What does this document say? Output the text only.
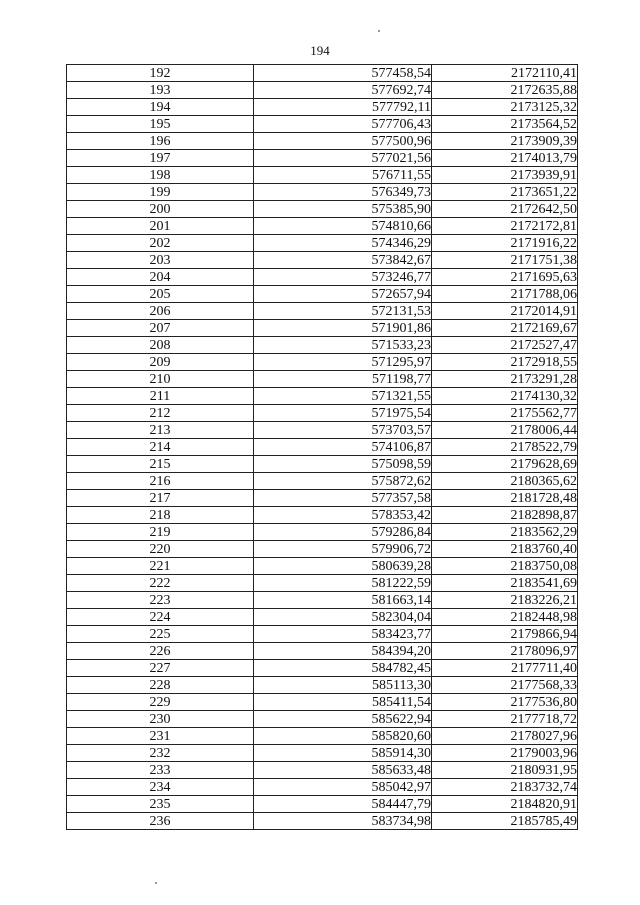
194
192	577458,54	2172110,41
193	577692,74	2172635,88
194	577792,11	2173125,32
195	577706,43	2173564,52
196	577500,96	2173909,39
197	577021,56	2174013,79
198	576711,55	2173939,91
199	576349,73	2173651,22
200	575385,90	2172642,50
201	574810,66	2172172,81
202	574346,29	2171916,22
203	573842,67	2171751,38
204	573246,77	2171695,63
205	572657,94	2171788,06
206	572131,53	2172014,91
207	571901,86	2172169,67
208	571533,23	2172527,47
209	571295,97	2172918,55
210	571198,77	2173291,28
211	571321,55	2174130,32
212	571975,54	2175562,77
213	573703,57	2178006,44
214	574106,87	2178522,79
215	575098,59	2179628,69
216	575872,62	2180365,62
217	577357,58	2181728,48
218	578353,42	2182898,87
219	579286,84	2183562,29
220	579906,72	2183760,40
221	580639,28	2183750,08
222	581222,59	2183541,69
223	581663,14	2183226,21
224	582304,04	2182448,98
225	583423,77	2179866,94
226	584394,20	2178096,97
227	584782,45	2177711,40
228	585113,30	2177568,33
229	585411,54	2177536,80
230	585622,94	2177718,72
231	585820,60	2178027,96
232	585914,30	2179003,96
233	585633,48	2180931,95
234	585042,97	2183732,74
235	584447,79	2184820,91
236	583734,98	2185785,49
